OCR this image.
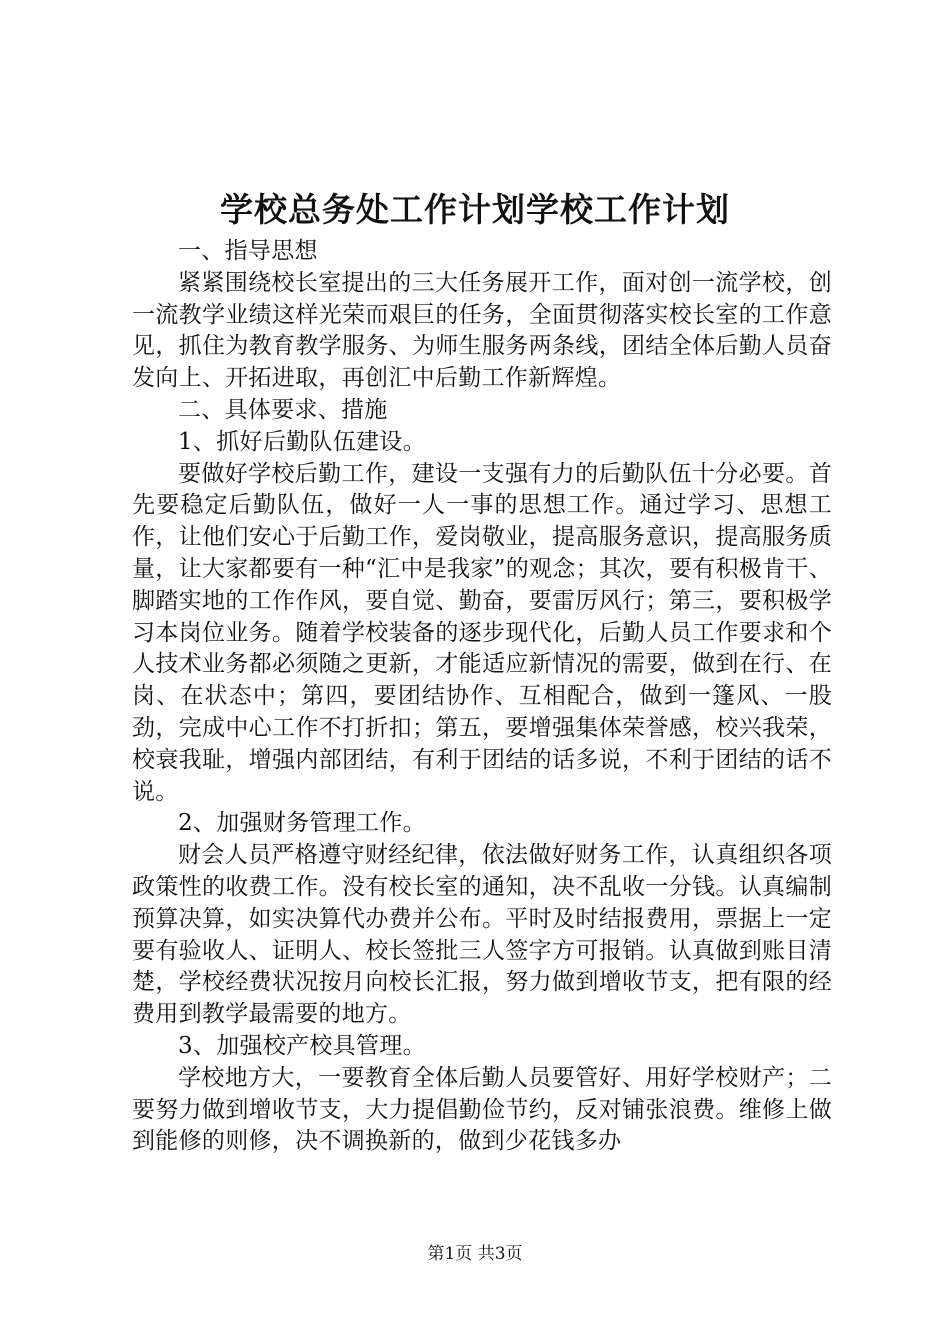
学校总务处工作计划学校工作计划

一、指导思想

紧紧围绕校长室提出的三大任务展开工作，面对创一流学校，创一流教学业绩这样光荣而艰巨的任务，全面贯彻落实校长室的工作意见，抓住为教育教学服务、为师生服务两条线，团结全体后勤人员奋发向上、开拓进取，再创汇中后勤工作新辉煌。

二、具体要求、措施

1、抓好后勤队伍建设。

要做好学校后勤工作，建设一支强有力的后勤队伍十分必要。首先要稳定后勤队伍，做好一人一事的思想工作。通过学习、思想工作，让他们安心于后勤工作，爱岗敬业，提高服务意识，提高服务质量，让大家都要有一种“汇中是我家”的观念；其次，要有积极肯干、脚踏实地的工作作风，要自觉、勤奋，要雷厉风行；第三，要积极学习本岗位业务。随着学校装备的逐步现代化，后勤人员工作要求和个人技术业务都必须随之更新，才能适应新情况的需要，做到在行、在岗、在状态中；第四，要团结协作、互相配合，做到一篷风、一股劲，完成中心工作不打折扣；第五，要增强集体荣誉感，校兴我荣，校衰我耻，增强内部团结，有利于团结的话多说，不利于团结的话不说。

2、加强财务管理工作。

财会人员严格遵守财经纪律，依法做好财务工作，认真组织各项政策性的收费工作。没有校长室的通知，决不乱收一分钱。认真编制预算决算，如实决算代办费并公布。平时及时结报费用，票据上一定要有验收人、证明人、校长签批三人签字方可报销。认真做到账目清楚，学校经费状况按月向校长汇报，努力做到增收节支，把有限的经费用到教学最需要的地方。

3、加强校产校具管理。

学校地方大，一要教育全体后勤人员要管好、用好学校财产；二要努力做到增收节支，大力提倡勤俭节约，反对铺张浪费。维修上做到能修的则修，决不调换新的，做到少花钱多办

第1页 共3页
